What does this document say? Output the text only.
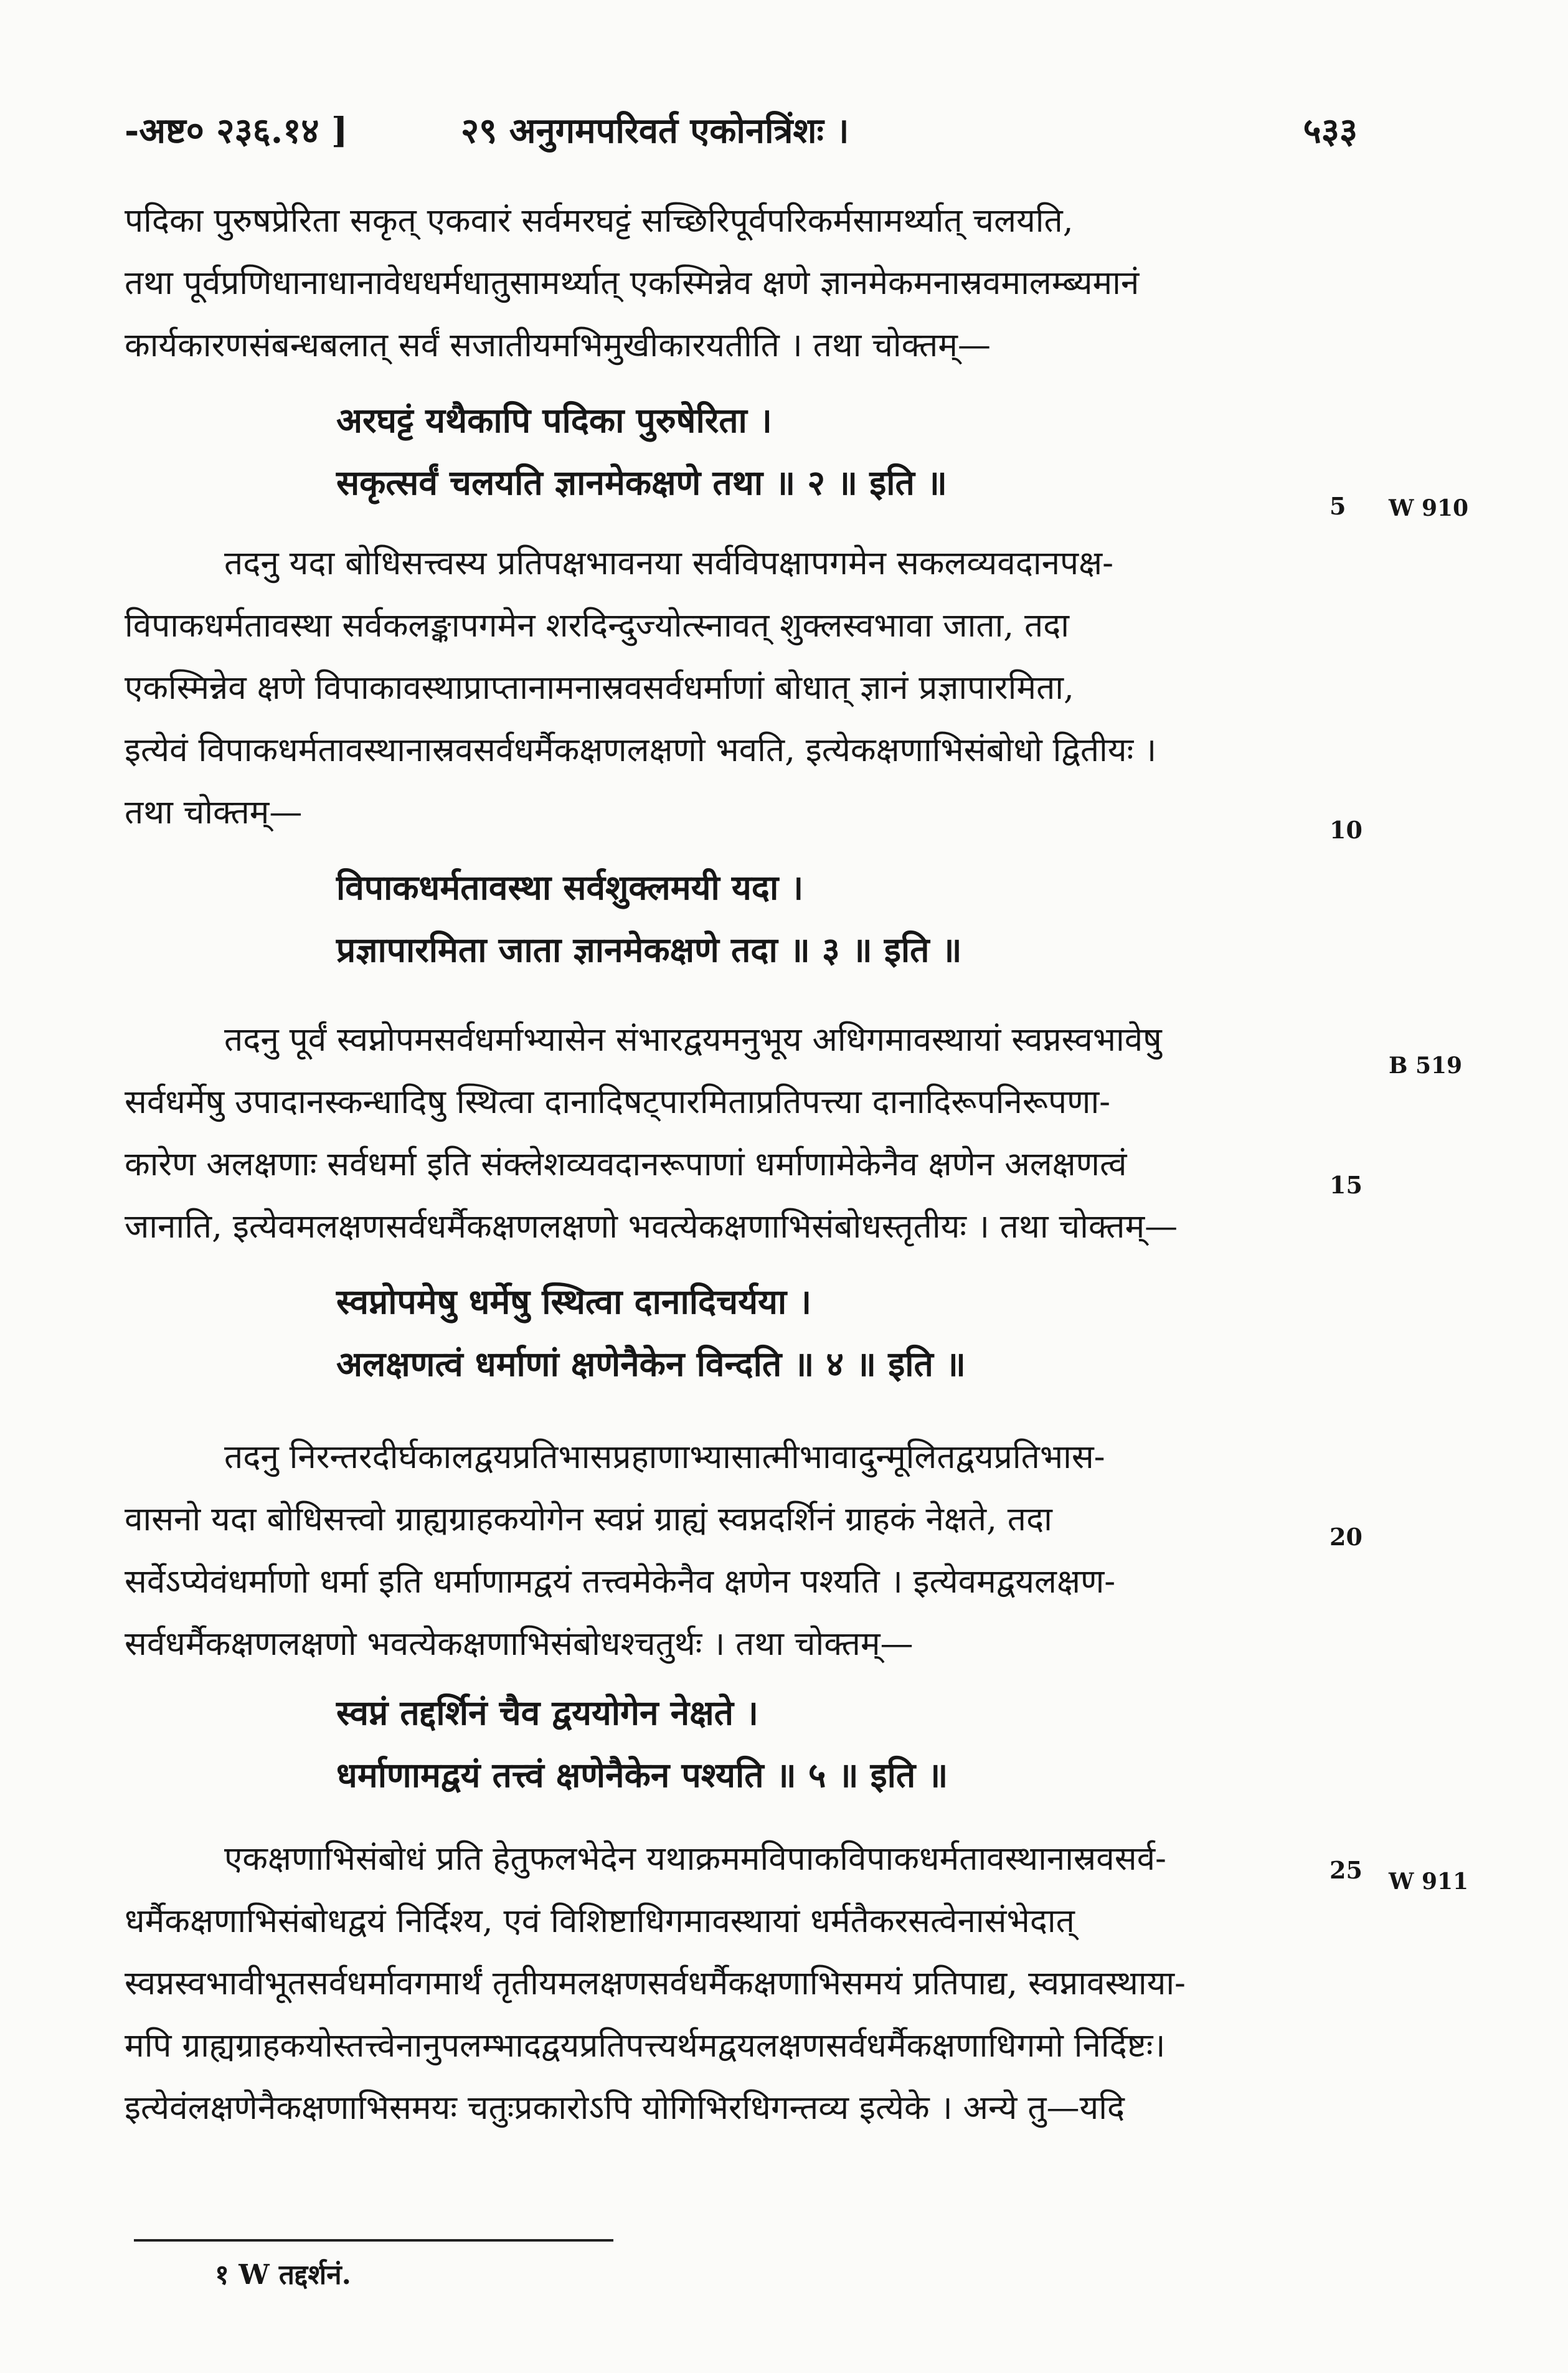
-अष्ट० २३६.१४ ]	२९ अनुगमपरिवर्त एकोनत्रिंशः ।	५३३
पदिका पुरुषप्रेरिता सकृत् एकवारं सर्वमरघट्टं सच्छिरिपूर्वपरिकर्मसामर्थ्यात् चलयति,
तथा पूर्वप्रणिधानाधानावेधधर्मधातुसामर्थ्यात् एकस्मिन्नेव क्षणे ज्ञानमेकमनास्रवमालम्ब्यमानं
कार्यकारणसंबन्धबलात् सर्वं सजातीयमभिमुखीकारयतीति । तथा चोक्तम्—
अरघट्टं यथैकापि पदिका पुरुषेरिता ।
सकृत्सर्वं चलयति ज्ञानमेकक्षणे तथा ॥ २ ॥ इति ॥
तदनु यदा बोधिसत्त्वस्य प्रतिपक्षभावनया सर्वविपक्षापगमेन सकलव्यवदानपक्ष-
विपाकधर्मतावस्था सर्वकलङ्कापगमेन शरदिन्दुज्योत्स्नावत् शुक्लस्वभावा जाता, तदा
एकस्मिन्नेव क्षणे विपाकावस्थाप्राप्तानामनास्रवसर्वधर्माणां बोधात् ज्ञानं प्रज्ञापारमिता,
इत्येवं विपाकधर्मतावस्थानास्रवसर्वधर्मैकक्षणलक्षणो भवति, इत्येकक्षणाभिसंबोधो द्वितीयः ।
तथा चोक्तम्—
विपाकधर्मतावस्था सर्वशुक्लमयी यदा ।
प्रज्ञापारमिता जाता ज्ञानमेकक्षणे तदा ॥ ३ ॥ इति ॥
तदनु पूर्वं स्वप्नोपमसर्वधर्माभ्यासेन संभारद्वयमनुभूय अधिगमावस्थायां स्वप्नस्वभावेषु
सर्वधर्मेषु उपादानस्कन्धादिषु स्थित्वा दानादिषट्पारमिताप्रतिपत्त्या दानादिरूपनिरूपणा-
कारेण अलक्षणाः सर्वधर्मा इति संक्लेशव्यवदानरूपाणां धर्माणामेकेनैव क्षणेन अलक्षणत्वं
जानाति, इत्येवमलक्षणसर्वधर्मैकक्षणलक्षणो भवत्येकक्षणाभिसंबोधस्तृतीयः । तथा चोक्तम्—
स्वप्नोपमेषु धर्मेषु स्थित्वा दानादिचर्यया ।
अलक्षणत्वं धर्माणां क्षणेनैकेन विन्दति ॥ ४ ॥ इति ॥
तदनु निरन्तरदीर्घकालद्वयप्रतिभासप्रहाणाभ्यासात्मीभावादुन्मूलितद्वयप्रतिभास-
वासनो यदा बोधिसत्त्वो ग्राह्यग्राहकयोगेन स्वप्नं ग्राह्यं स्वप्नदर्शिनं ग्राहकं नेक्षते, तदा
सर्वेऽप्येवंधर्माणो धर्मा इति धर्माणामद्वयं तत्त्वमेकेनैव क्षणेन पश्यति । इत्येवमद्वयलक्षण-
सर्वधर्मैकक्षणलक्षणो भवत्येकक्षणाभिसंबोधश्चतुर्थः । तथा चोक्तम्—
स्वप्नं तद्दर्शिनं चैव द्वययोगेन नेक्षते ।
धर्माणामद्वयं तत्त्वं क्षणेनैकेन पश्यति ॥ ५ ॥ इति ॥
एकक्षणाभिसंबोधं प्रति हेतुफलभेदेन यथाक्रममविपाकविपाकधर्मतावस्थानास्रवसर्व-
धर्मैकक्षणाभिसंबोधद्वयं निर्दिश्य, एवं विशिष्टाधिगमावस्थायां धर्मतैकरसत्वेनासंभेदात्
स्वप्नस्वभावीभूतसर्वधर्मावगमार्थं तृतीयमलक्षणसर्वधर्मैकक्षणाभिसमयं प्रतिपाद्य, स्वप्नावस्थाया-
मपि ग्राह्यग्राहकयोस्तत्त्वेनानुपलम्भादद्वयप्रतिपत्त्यर्थमद्वयलक्षणसर्वधर्मैकक्षणाधिगमो निर्दिष्टः।
इत्येवंलक्षणेनैकक्षणाभिसमयः चतुःप्रकारोऽपि योगिभिरधिगन्तव्य इत्येके । अन्ये तु—यदि
5
10
15
20
25
W 910
B 519
W 911
१ W तद्दर्शनं.
